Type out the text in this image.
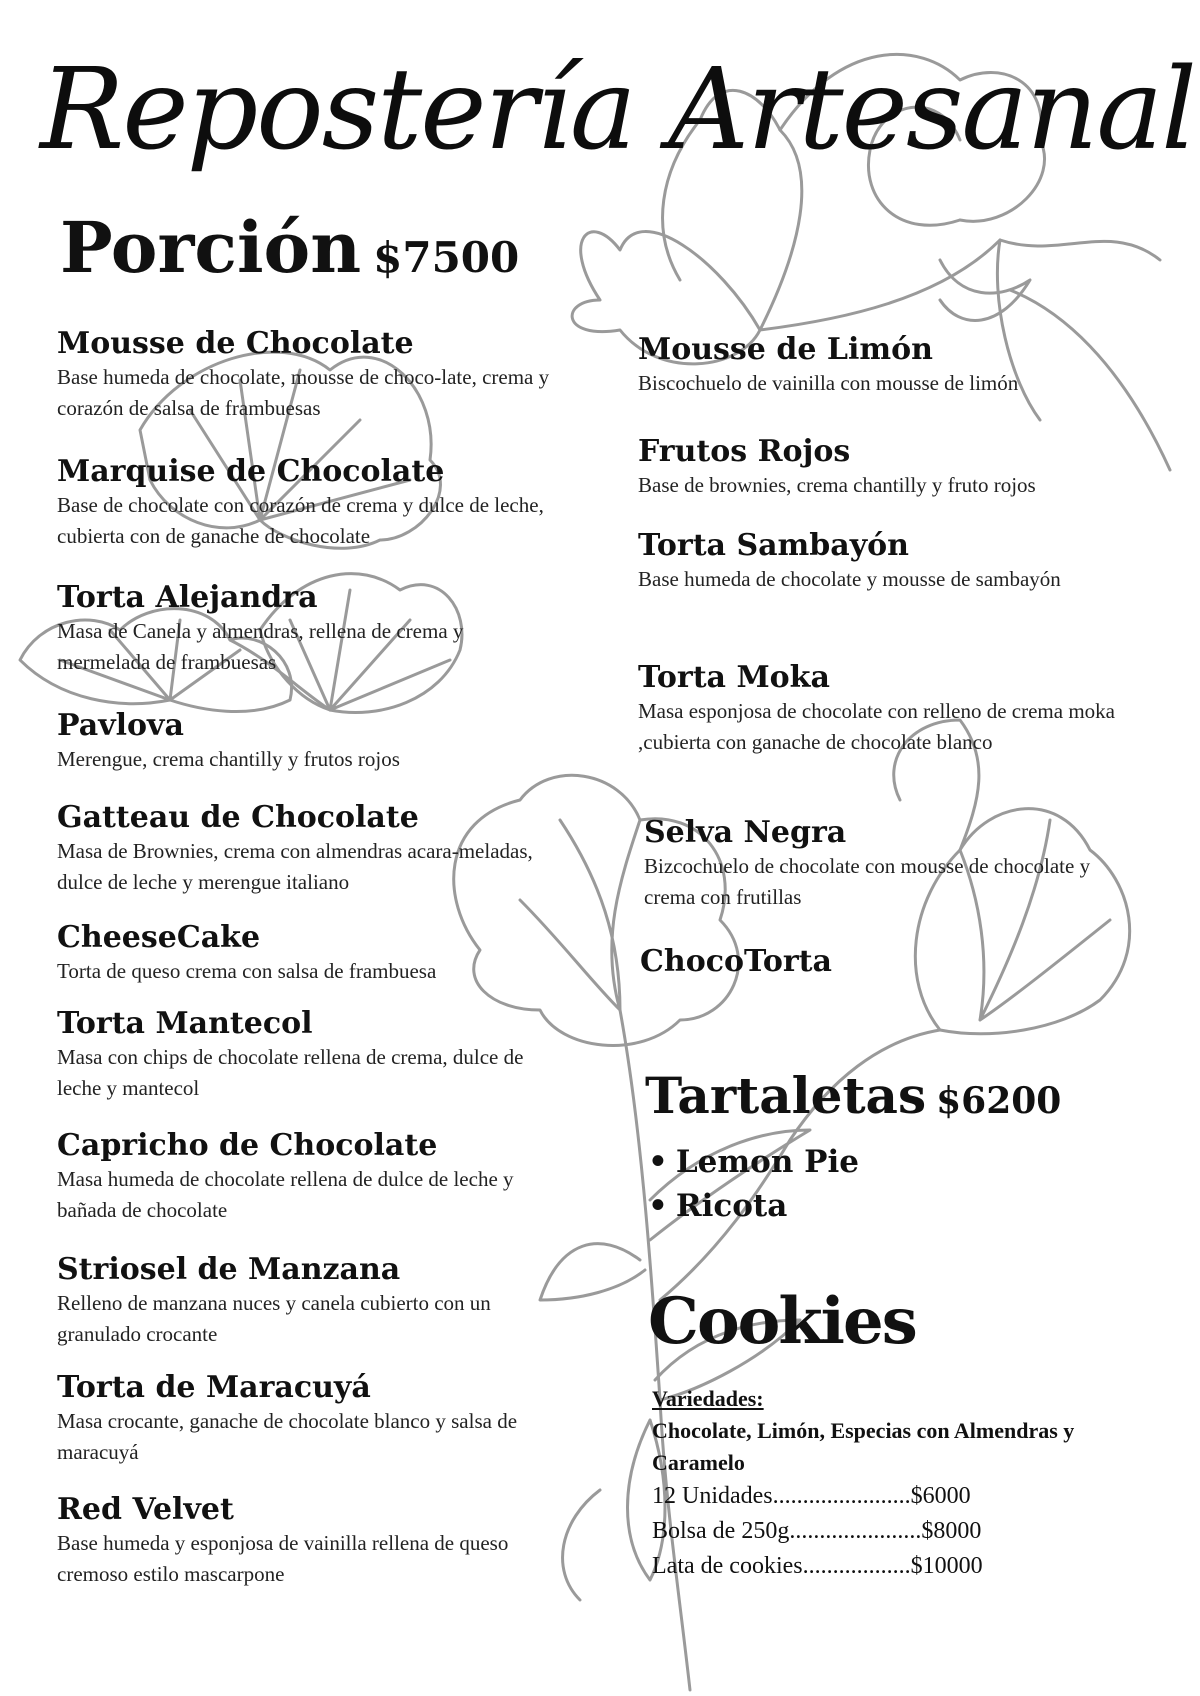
Repostería Artesanal
Porción $7500
Mousse de Chocolate
Base humeda de chocolate, mousse de choco-late, crema y corazón de salsa de frambuesas
Marquise de Chocolate
Base de chocolate con corazón de crema y dulce de leche, cubierta con de ganache de chocolate
Torta Alejandra
Masa de Canela y almendras, rellena de crema y mermelada de frambuesas
Pavlova
Merengue, crema chantilly y frutos rojos
Gatteau de Chocolate
Masa de Brownies, crema con almendras acara-meladas, dulce de leche y merengue italiano
CheeseCake
Torta de queso crema con salsa de frambuesa
Torta Mantecol
Masa con chips de chocolate rellena de crema, dulce de leche y mantecol
Capricho de Chocolate
Masa humeda de chocolate rellena de dulce de leche y bañada de chocolate
Striosel de Manzana
Relleno de manzana nuces y canela cubierto con un granulado crocante
Torta de Maracuyá
Masa crocante, ganache de chocolate blanco y salsa de maracuyá
Red Velvet
Base humeda y esponjosa de vainilla rellena de queso cremoso estilo mascarpone
Mousse de Limón
Biscochuelo de vainilla con mousse de limón
Frutos Rojos
Base de brownies, crema chantilly y fruto rojos
Torta Sambayón
Base humeda de chocolate y mousse de sambayón
Torta Moka
Masa esponjosa de chocolate con relleno de crema moka ,cubierta con ganache de chocolate blanco
Selva Negra
Bizcochuelo de chocolate con mousse de chocolate y crema con frutillas
ChocoTorta
Tartaletas $6200
• Lemon Pie
• Ricota
Cookies
Variedades:
Chocolate, Limón, Especias con Almendras y Caramelo
12 Unidades.......................$6000
Bolsa de 250g......................$8000
Lata de cookies..................$10000
